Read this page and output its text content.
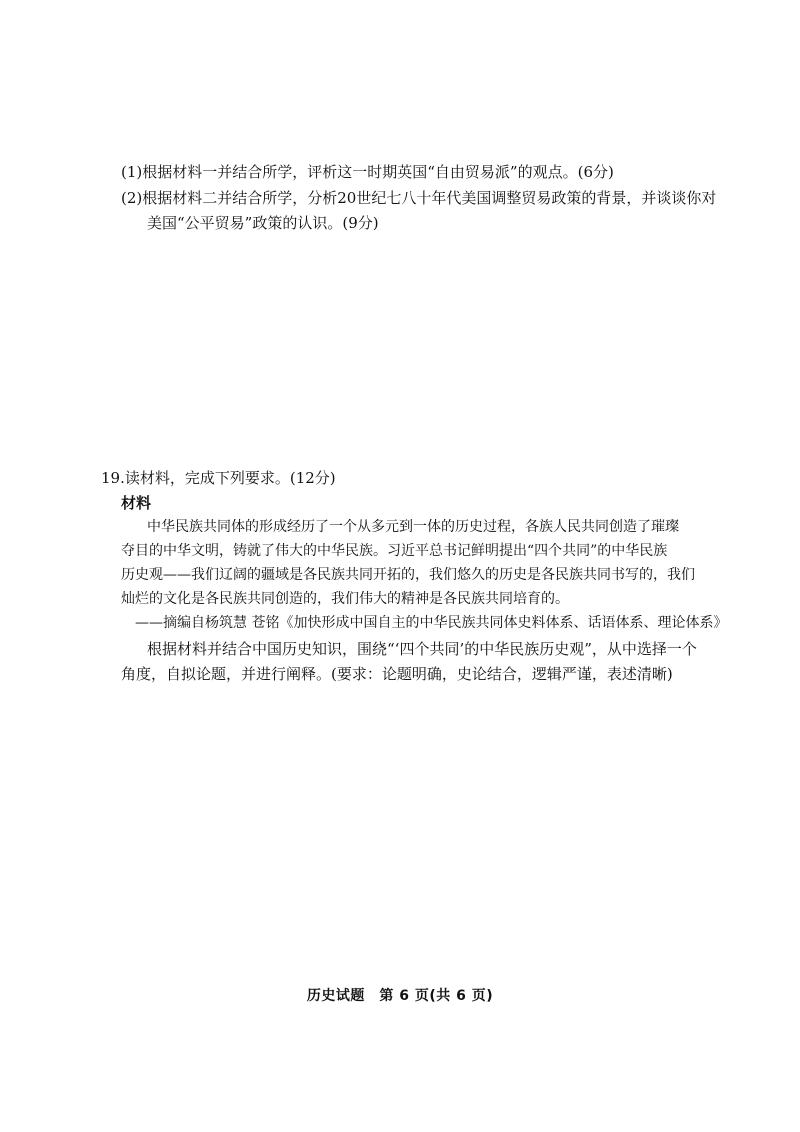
(1)根据材料一并结合所学，评析这一时期英国“自由贸易派”的观点。(6分)
(2)根据材料二并结合所学，分析20世纪七八十年代美国调整贸易政策的背景，并谈谈你对
美国“公平贸易”政策的认识。(9分)
19.读材料，完成下列要求。(12分)
材料
中华民族共同体的形成经历了一个从多元到一体的历史过程，各族人民共同创造了璀璨
夺目的中华文明，铸就了伟大的中华民族。习近平总书记鲜明提出“四个共同”的中华民族
历史观——我们辽阔的疆域是各民族共同开拓的，我们悠久的历史是各民族共同书写的，我们
灿烂的文化是各民族共同创造的，我们伟大的精神是各民族共同培育的。
——摘编自杨筑慧 苍铭《加快形成中国自主的中华民族共同体史料体系、话语体系、理论体系》
根据材料并结合中国历史知识，围绕“‘四个共同’的中华民族历史观”，从中选择一个
角度，自拟论题，并进行阐释。(要求：论题明确，史论结合，逻辑严谨，表述清晰)
历史试题　第 6 页(共 6 页)
